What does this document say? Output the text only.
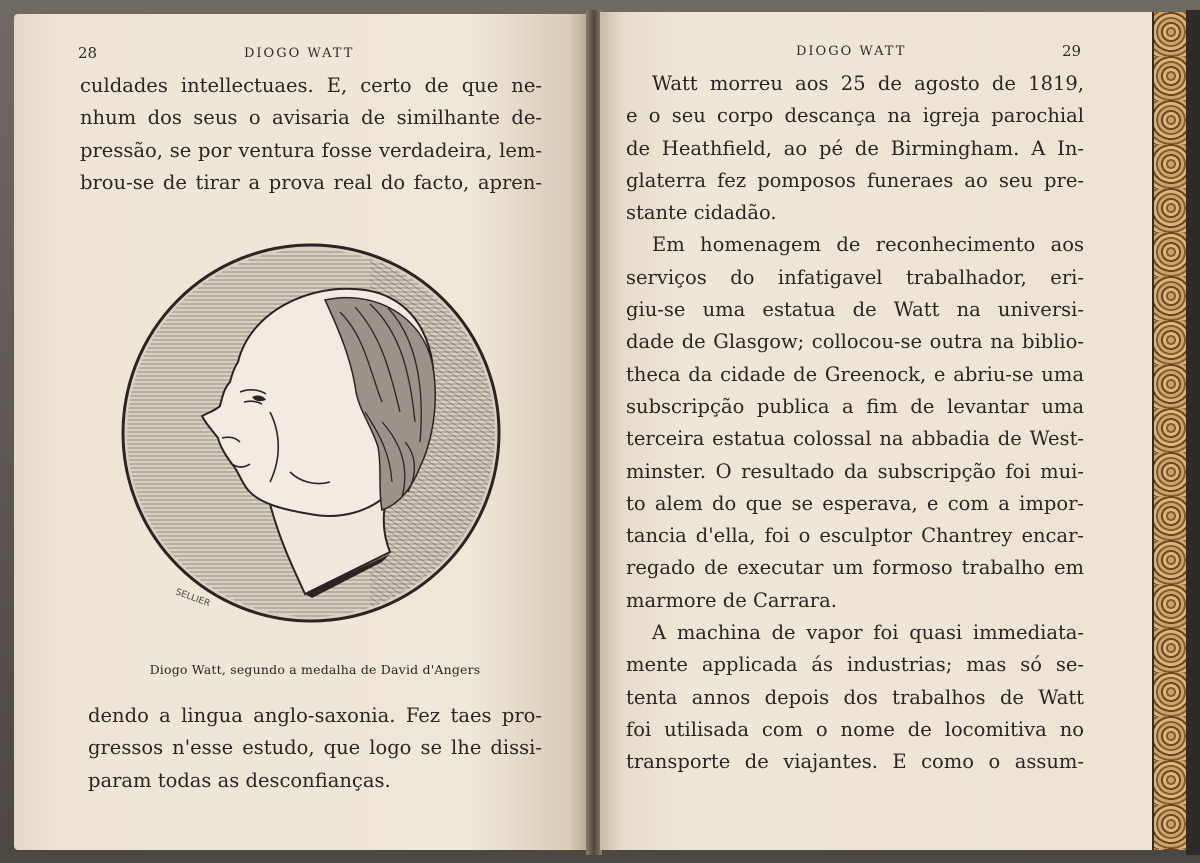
28	DIOGO WATT
culdades intellectuaes. E, certo de que ne-
nhum dos seus o avisaria de similhante de-
pressão, se por ventura fosse verdadeira, lem-
brou-se de tirar a prova real do facto, apren-
SELLIER
Diogo Watt, segundo a medalha de David d'Angers
dendo a lingua anglo-saxonia. Fez taes pro-
gressos n'esse estudo, que logo se lhe dissi-
param todas as desconfianças.
DIOGO WATT	29
Watt morreu aos 25 de agosto de 1819,
e o seu corpo descança na igreja parochial
de Heathfield, ao pé de Birmingham. A In-
glaterra fez pomposos funeraes ao seu pre-
stante cidadão.
Em homenagem de reconhecimento aos
serviços do infatigavel trabalhador, eri-
giu-se uma estatua de Watt na universi-
dade de Glasgow; collocou-se outra na biblio-
theca da cidade de Greenock, e abriu-se uma
subscripção publica a fim de levantar uma
terceira estatua colossal na abbadia de West-
minster. O resultado da subscripção foi mui-
to alem do que se esperava, e com a impor-
tancia d'ella, foi o esculptor Chantrey encar-
regado de executar um formoso trabalho em
marmore de Carrara.
A machina de vapor foi quasi immediata-
mente applicada ás industrias; mas só se-
tenta annos depois dos trabalhos de Watt
foi utilisada com o nome de locomitiva no
transporte de viajantes. E como o assum-
